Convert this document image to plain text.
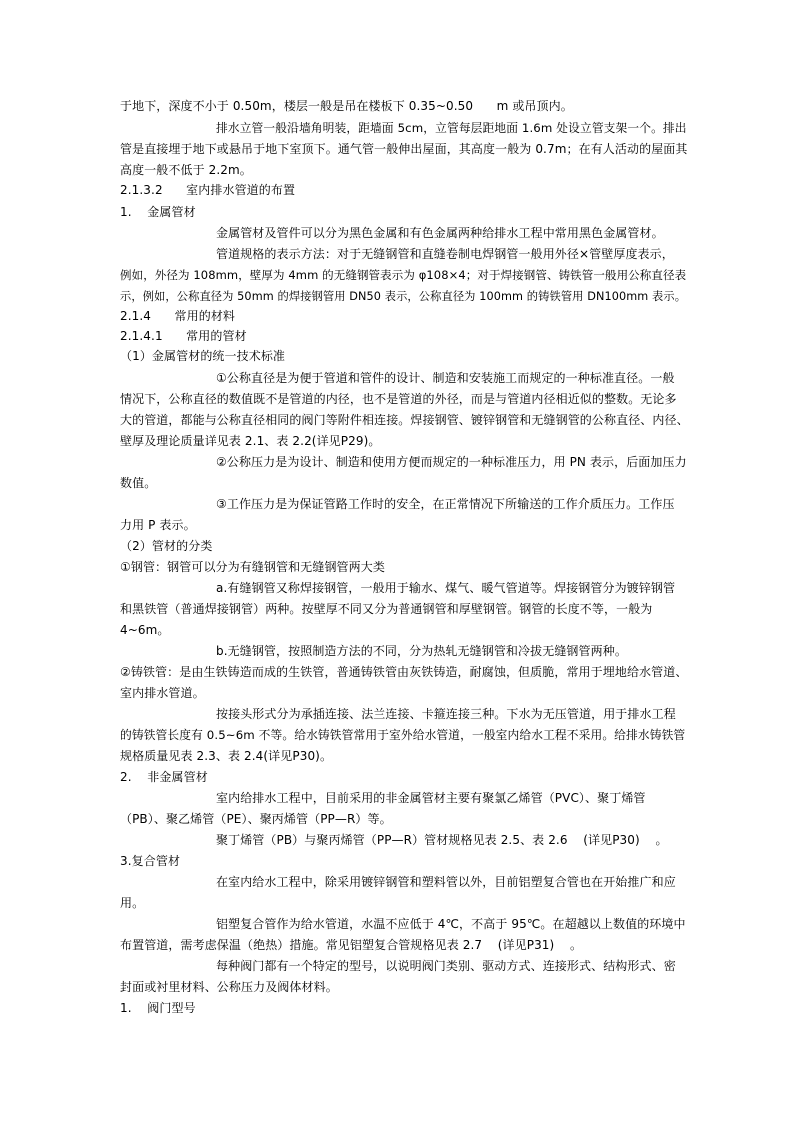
于地下，深度不小于 0.50m，楼层一般是吊在楼板下 0.35~0.50      m 或吊顶内。
排水立管一般沿墙角明装，距墙面 5cm，立管每层距地面 1.6m 处设立管支架一个。排出
管是直接埋于地下或悬吊于地下室顶下。通气管一般伸出屋面，其高度一般为 0.7m；在有人活动的屋面其
高度一般不低于 2.2m。
2.1.3.2      室内排水管道的布置
1.    金属管材
金属管材及管件可以分为黑色金属和有色金属两种给排水工程中常用黑色金属管材。
管道规格的表示方法：对于无缝钢管和直缝卷制电焊钢管一般用外径×管壁厚度表示，
例如，外径为 108mm，壁厚为 4mm 的无缝钢管表示为 φ108×4；对于焊接钢管、铸铁管一般用公称直径表
示，例如，公称直径为 50mm 的焊接钢管用 DN50 表示，公称直径为 100mm 的铸铁管用 DN100mm 表示。
2.1.4      常用的材料
2.1.4.1      常用的管材
（1）金属管材的统一技术标准
①公称直径是为便于管道和管件的设计、制造和安装施工而规定的一种标准直径。一般
情况下，公称直径的数值既不是管道的内径，也不是管道的外径，而是与管道内径相近似的整数。无论多
大的管道，都能与公称直径相同的阀门等附件相连接。焊接钢管、镀锌钢管和无缝钢管的公称直径、内径、
壁厚及理论质量详见表 2.1、表 2.2(详见P29)。
②公称压力是为设计、制造和使用方便而规定的一种标准压力，用 PN 表示，后面加压力
数值。
③工作压力是为保证管路工作时的安全，在正常情况下所输送的工作介质压力。工作压
力用 P 表示。
（2）管材的分类
①钢管：钢管可以分为有缝钢管和无缝钢管两大类
a.有缝钢管又称焊接钢管，一般用于输水、煤气、暖气管道等。焊接钢管分为镀锌钢管
和黑铁管（普通焊接钢管）两种。按壁厚不同又分为普通钢管和厚壁钢管。钢管的长度不等，一般为
4~6m。
b.无缝钢管，按照制造方法的不同，分为热轧无缝钢管和冷拔无缝钢管两种。
②铸铁管：是由生铁铸造而成的生铁管，普通铸铁管由灰铁铸造，耐腐蚀，但质脆，常用于埋地给水管道、
室内排水管道。
按接头形式分为承插连接、法兰连接、卡箍连接三种。下水为无压管道，用于排水工程
的铸铁管长度有 0.5~6m 不等。给水铸铁管常用于室外给水管道，一般室内给水工程不采用。给排水铸铁管
规格质量见表 2.3、表 2.4(详见P30)。
2.    非金属管材
室内给排水工程中，目前采用的非金属管材主要有聚氯乙烯管（PVC）、聚丁烯管
（PB）、聚乙烯管（PE）、聚丙烯管（PP—R）等。
聚丁烯管（PB）与聚丙烯管（PP—R）管材规格见表 2.5、表 2.6    (详见P30)    。
3.复合管材
在室内给水工程中，除采用镀锌钢管和塑料管以外，目前铝塑复合管也在开始推广和应
用。
铝塑复合管作为给水管道，水温不应低于 4℃，不高于 95℃。在超越以上数值的环境中
布置管道，需考虑保温（绝热）措施。常见铝塑复合管规格见表 2.7    (详见P31)    。
每种阀门都有一个特定的型号，以说明阀门类别、驱动方式、连接形式、结构形式、密
封面或衬里材料、公称压力及阀体材料。
1.    阀门型号
